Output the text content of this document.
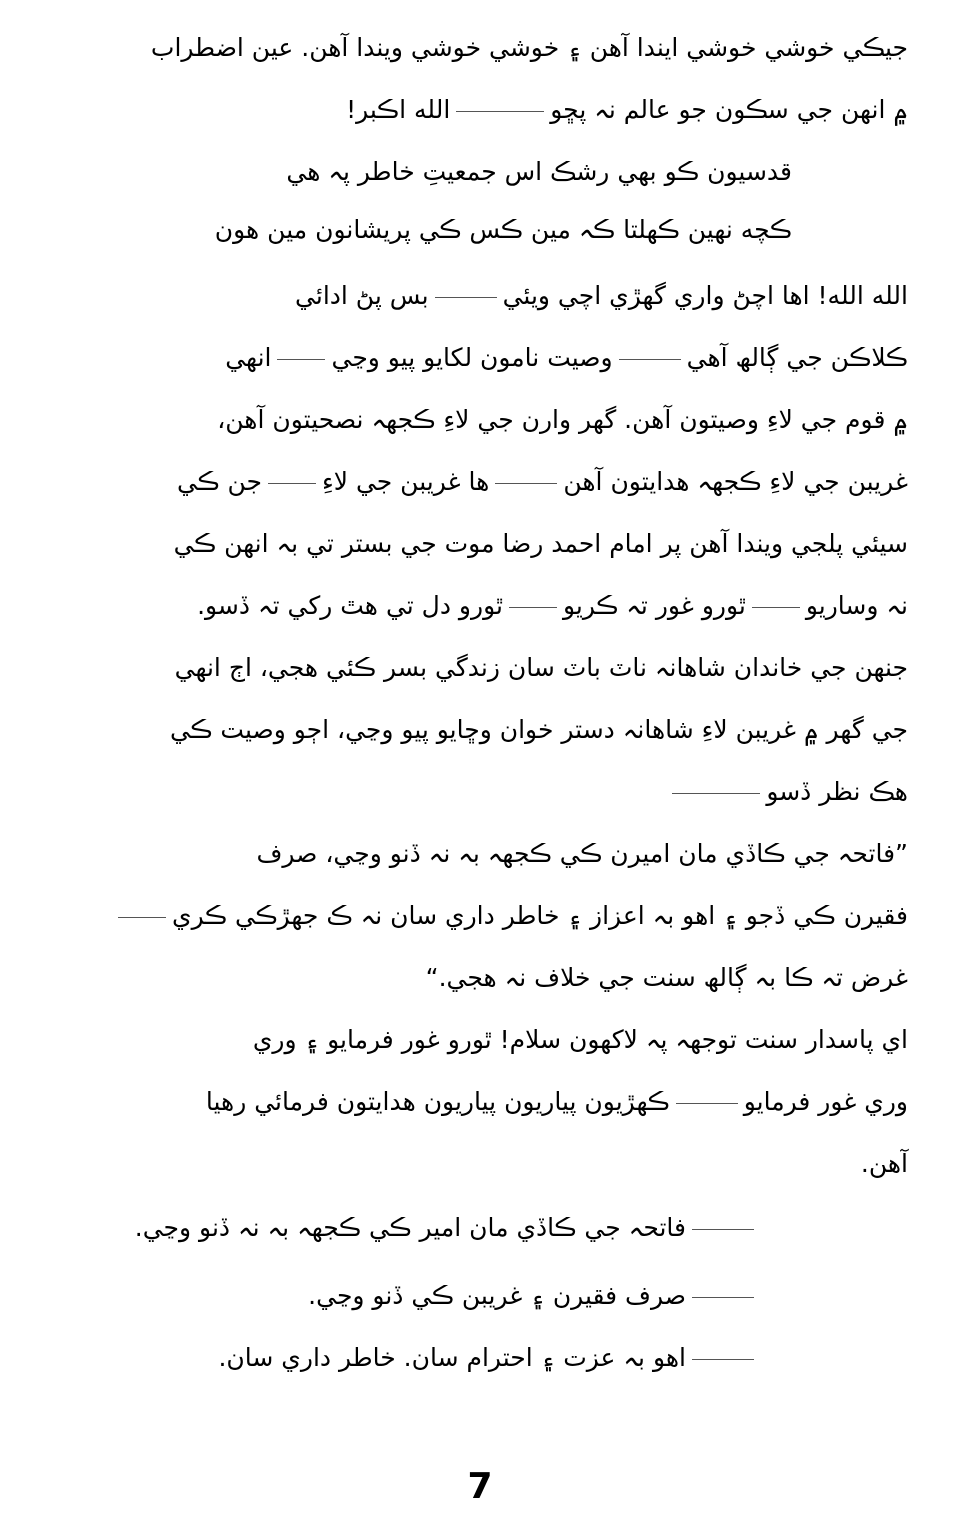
جيڪي خوشي خوشي ايندا آهن ۽ خوشي خوشي ويندا آهن. عين اضطراب
۾ انهن جي سڪون جو عالم نہ پڇوالله اڪبر!
قدسيون ڪو بهي رشڪ اس جمعيتِ خاطر پہ هي
ڪچه نهين ڪهلتا ڪہ مين ڪس ڪي پريشانون مين هون
الله الله! اها اچڻ واري گهڙي اچي ويئيبس پڻ ادائي
ڪلاڪن جي ڳالھ آهيوصيت نامون لکايو پيو وڃيانهي
۾ قوم جي لاءِ وصيتون آهن. گهر وارن جي لاءِ ڪجهہ نصحيتون آهن،
غريبن جي لاءِ ڪجهہ هدايتون آهنها غريبن جي لاءِجن ڪي
سيئي پلجي ويندا آهن پر امام احمد رضا موت جي بستر تي بہ انهن ڪي
نہ وساريوٿورو غور تہ ڪريوٿورو دل تي هٿ رکي تہ ڏسو.
جنهن جي خاندان شاهانہ ناٽ باٽ سان زندگي بسر ڪئي هجي، اڄ انهي
جي گهر ۾ غريبن لاءِ شاهانہ دستر خوان وڇايو پيو وڃي، اڄو وصيت ڪي
هڪ نظر ڏسو
”فاتحہ جي ڪاڏي مان اميرن ڪي ڪجهہ بہ نہ ڏنو وڃي، صرف
فقيرن ڪي ڏجو ۽ اهو بہ اعزاز ۽ خاطر داري سان نہ ڪ جهڙڪي ڪري
غرض تہ ڪا بہ ڳالھ سنت جي خلاف نہ هجي.“
اي پاسدار سنت توجهہ پہ لاکهون سلام! ٿورو غور فرمايو ۽ وري
وري غور فرمايوڪهڙيون پياريون پياريون هدايتون فرمائي رهيا
آهن.
فاتحہ جي ڪاڏي مان امير ڪي ڪجهہ بہ نہ ڏنو وڃي.
صرف فقيرن ۽ غريبن ڪي ڏنو وڃي.
اهو بہ عزت ۽ احترام سان. خاطر داري سان.
7
